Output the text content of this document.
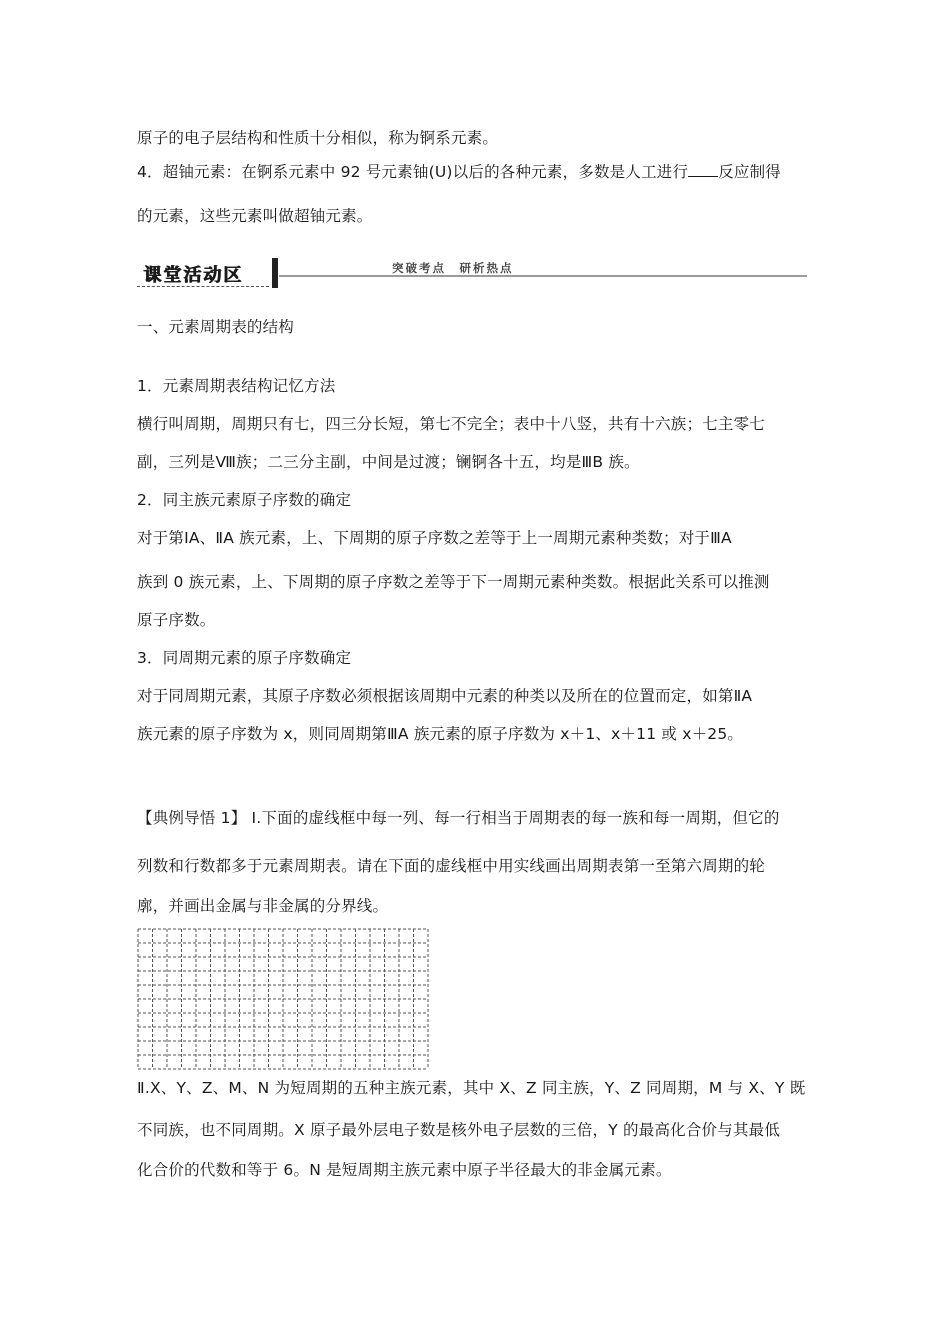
原子的电子层结构和性质十分相似，称为锕系元素。
4．超铀元素：在锕系元素中 92 号元素铀(U)以后的各种元素，多数是人工进行 反应制得
的元素，这些元素叫做超铀元素。
课堂活动区	突破考点　研析热点
一、元素周期表的结构
1．元素周期表结构记忆方法
横行叫周期，周期只有七，四三分长短，第七不完全；表中十八竖，共有十六族；七主零七
副，三列是Ⅷ族；二三分主副，中间是过渡；镧锕各十五，均是ⅢB 族。
2．同主族元素原子序数的确定
对于第ⅠA、ⅡA 族元素，上、下周期的原子序数之差等于上一周期元素种类数；对于ⅢA
族到 0 族元素，上、下周期的原子序数之差等于下一周期元素种类数。根据此关系可以推测
原子序数。
3．同周期元素的原子序数确定
对于同周期元素，其原子序数必须根据该周期中元素的种类以及所在的位置而定，如第ⅡA
族元素的原子序数为 x，则同周期第ⅢA 族元素的原子序数为 x＋1、x＋11 或 x＋25。
【典例导悟 1】 Ⅰ.下面的虚线框中每一列、每一行相当于周期表的每一族和每一周期，但它的
列数和行数都多于元素周期表。请在下面的虚线框中用实线画出周期表第一至第六周期的轮
廓，并画出金属与非金属的分界线。
Ⅱ.X、Y、Z、M、N 为短周期的五种主族元素，其中 X、Z 同主族，Y、Z 同周期，M 与 X、Y 既
不同族，也不同周期。X 原子最外层电子数是核外电子层数的三倍，Y 的最高化合价与其最低
化合价的代数和等于 6。N 是短周期主族元素中原子半径最大的非金属元素。
